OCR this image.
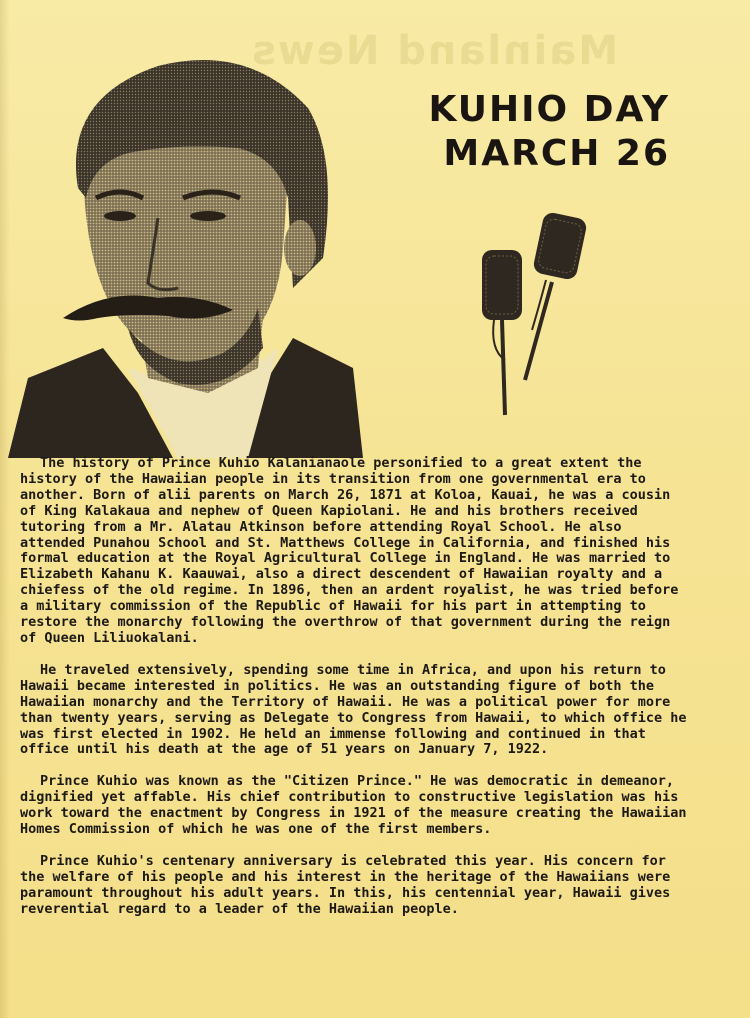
Mainland News
KUHIO DAY
MARCH 26

The history of Prince Kuhio Kalanianaole personified to a great extent the history of the Hawaiian people in its transition from one governmental era to another. Born of alii parents on March 26, 1871 at Koloa, Kauai, he was a cousin of King Kalakaua and nephew of Queen Kapiolani. He and his brothers received tutoring from a Mr. Alatau Atkinson before attending Royal School. He also attended Punahou School and St. Matthews College in California, and finished his formal education at the Royal Agricultural College in England. He was married to Elizabeth Kahanu K. Kaauwai, also a direct descendent of Hawaiian royalty and a chiefess of the old regime. In 1896, then an ardent royalist, he was tried before a military commission of the Republic of Hawaii for his part in attempting to restore the monarchy following the overthrow of that government during the reign of Queen Liliuokalani.

He traveled extensively, spending some time in Africa, and upon his return to Hawaii became interested in politics. He was an outstanding figure of both the Hawaiian monarchy and the Territory of Hawaii. He was a political power for more than twenty years, serving as Delegate to Congress from Hawaii, to which office he was first elected in 1902. He held an immense following and continued in that office until his death at the age of 51 years on January 7, 1922.

Prince Kuhio was known as the "Citizen Prince." He was democratic in demeanor, dignified yet affable. His chief contribution to constructive legislation was his work toward the enactment by Congress in 1921 of the measure creating the Hawaiian Homes Commission of which he was one of the first members.

Prince Kuhio's centenary anniversary is celebrated this year. His concern for the welfare of his people and his interest in the heritage of the Hawaiians were paramount throughout his adult years. In this, his centennial year, Hawaii gives reverential regard to a leader of the Hawaiian people.
